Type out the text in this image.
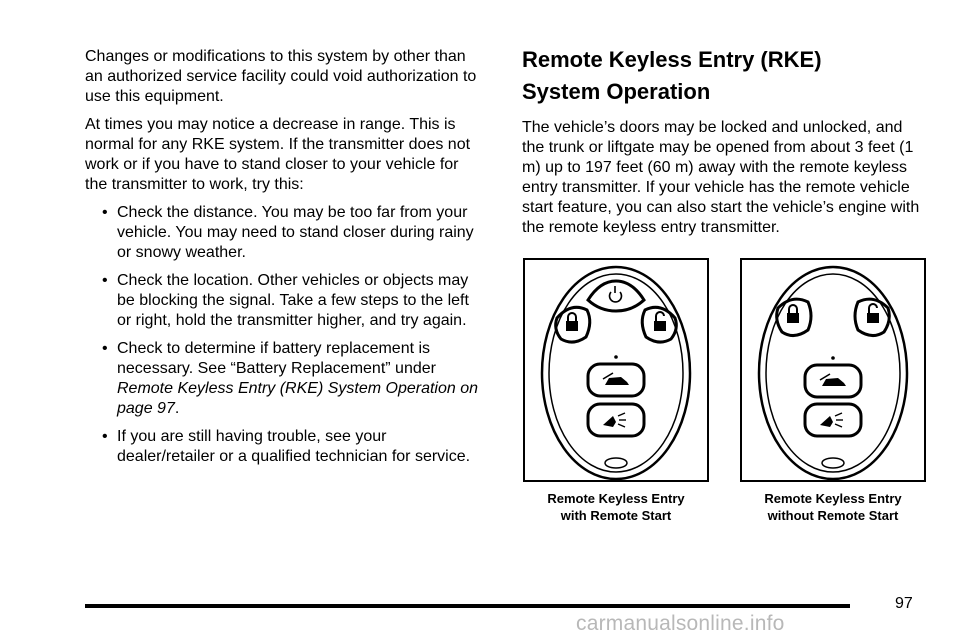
Changes or modifications to this system by other than an authorized service facility could void authorization to use this equipment.

At times you may notice a decrease in range. This is normal for any RKE system. If the transmitter does not work or if you have to stand closer to your vehicle for the transmitter to work, try this:

• Check the distance. You may be too far from your vehicle. You may need to stand closer during rainy or snowy weather.
• Check the location. Other vehicles or objects may be blocking the signal. Take a few steps to the left or right, hold the transmitter higher, and try again.
• Check to determine if battery replacement is necessary. See “Battery Replacement” under Remote Keyless Entry (RKE) System Operation on page 97.
• If you are still having trouble, see your dealer/retailer or a qualified technician for service.
Remote Keyless Entry (RKE)
System Operation

The vehicle’s doors may be locked and unlocked, and the trunk or liftgate may be opened from about 3 feet (1 m) up to 197 feet (60 m) away with the remote keyless entry transmitter. If your vehicle has the remote vehicle start feature, you can also start the vehicle’s engine with the remote keyless entry transmitter.

Remote Keyless Entry
with Remote Start
Remote Keyless Entry
without Remote Start
97
carmanualsonline.info
